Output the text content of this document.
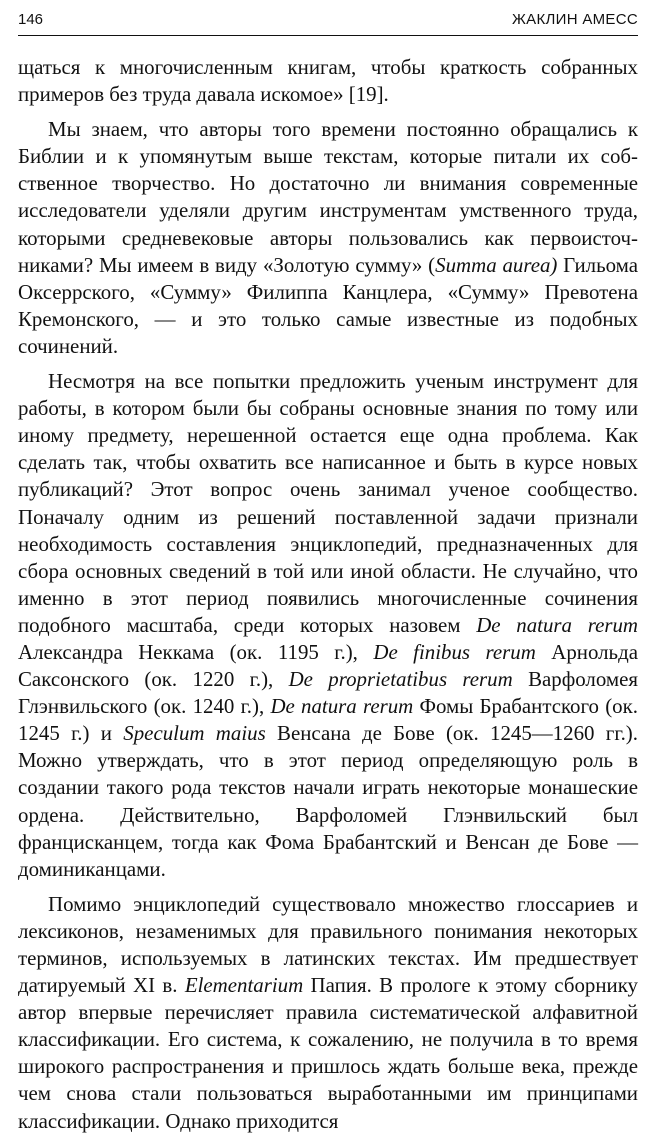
146	ЖАКЛИН АМЕСС

щаться к многочисленным книгам, чтобы краткость собранных примеров без труда давала искомое» [19].

Мы знаем, что авторы того времени постоянно обращались к Библии и к упомянутым выше текстам, которые питали их собственное творчество. Но достаточно ли внимания современные исследователи уделяли другим инструментам умственного труда, которыми средневековые авторы пользовались как первоисточниками? Мы имеем в виду «Золотую сумму» (Summa aurea) Гильома Оксеррского, «Сумму» Филиппа Канцлера, «Сумму» Превотена Кремонского, — и это только самые известные из подобных сочинений.

Несмотря на все попытки предложить ученым инструмент для работы, в котором были бы собраны основные знания по тому или иному предмету, нерешенной остается еще одна проблема. Как сделать так, чтобы охватить все написанное и быть в курсе новых публикаций? Этот вопрос очень занимал ученое сообщество. Поначалу одним из решений поставленной задачи признали необходимость составления энциклопедий, предназначенных для сбора основных сведений в той или иной области. Не случайно, что именно в этот период появились многочисленные сочинения подобного масштаба, среди которых назовем De natura rerum Александра Неккама (ок. 1195 г.), De finibus rerum Арнольда Саксонского (ок. 1220 г.), De proprietatibus rerum Варфоломея Глэнвильского (ок. 1240 г.), De natura rerum Фомы Брабантского (ок. 1245 г.) и Speculum maius Венсана де Бове (ок. 1245—1260 гг.). Можно утверждать, что в этот период определяющую роль в создании такого рода текстов начали играть некоторые монашеские ордена. Действительно, Варфоломей Глэнвильский был францисканцем, тогда как Фома Брабантский и Венсан де Бове — доминиканцами.

Помимо энциклопедий существовало множество глоссариев и лексиконов, незаменимых для правильного понимания некоторых терминов, используемых в латинских текстах. Им предшествует датируемый XI в. Elementarium Папия. В прологе к этому сборнику автор впервые перечисляет правила систематической алфавитной классификации. Его система, к сожалению, не получила в то время широкого распространения и пришлось ждать больше века, прежде чем снова стали пользоваться выработанными им принципами классификации. Однако приходится
